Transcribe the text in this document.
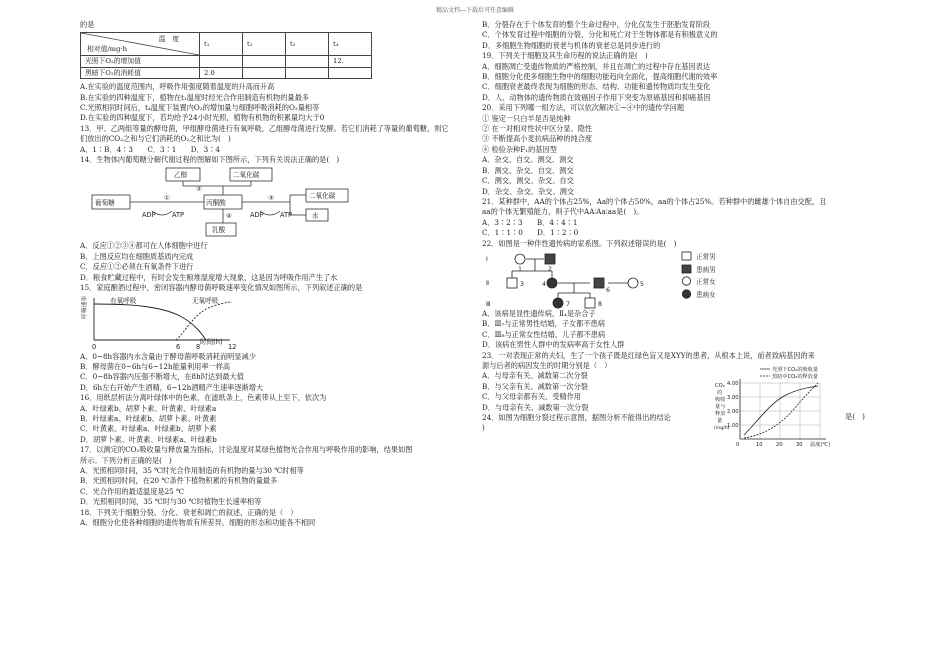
精品文档---下载后可任意编辑
的是
温　度
相对值/mg·h	t₁	t₂	t₃	t₄
光照下O₂的增加值				12.
黑暗下O₂的消耗值	2.0			
A.在实验的温度范围内，呼吸作用强度随着温度的升高而升高
B.在实验的四种温度下，植物在t₁温度时经光合作用制造有机物的量最多
C.光照相同时间后，t₄温度下装置内O₂的增加量与细胞呼吸消耗的O₂量相等
D.在实验的四种温度下，若均给予24小时光照，植物有机物的积累量均大于0
13．甲、乙两组等量的酵母菌，甲组酵母菌进行有氧呼吸，乙组酵母菌进行发酵。若它们消耗了等量的葡萄糖，则它们放出的CO₂之和与它们消耗的O₂之和比为(　)
A．1∶B．4∶3　　C．3∶1　　D．3∶4
14．生物体内葡萄糖分解代谢过程的图解如下图所示，下列有关说法正确的是(　)
葡萄糖	丙酮酸
乙醇	二氧化碳
二氧化碳
水
乳酸
ADP ATP	ADP ATP
①
②
③
④
A．反应①②③④都可在人体细胞中进行
B．上图反应均在细胞质基质内完成
C．反应①②必须在有氧条件下进行
D．粮食贮藏过程中，有时会发生粮堆湿度增大现象，这是因为呼吸作用产生了水
15．家庭酿酒过程中，密闭容器内酵母菌呼吸速率变化情况如图所示，下列叙述正确的是
有氧呼吸	无氧呼吸
呼吸速率
0	6 8	12
时间(h)
A．0~8h容器内水含量由于酵母菌呼吸消耗而明显减少
B．酵母菌在0~6h与6~12h能量利用率一样高
C．0~8h容器内压强不断增大，在8h时达到最大值
D．6h左右开始产生酒精，6~12h酒精产生速率逐渐增大
16．用纸层析法分离叶绿体中的色素，在滤纸条上，色素带从上至下，依次为
A．叶绿素b、胡萝卜素、叶黄素、叶绿素a
B．叶绿素a、叶绿素b、胡萝卜素、叶黄素
C．叶黄素、叶绿素a、叶绿素b、胡萝卜素
D．胡萝卜素、叶黄素、叶绿素a、叶绿素b
17．以测定的CO₂吸收量与释放量为指标，讨论温度对某绿色植物光合作用与呼吸作用的影响，结果如图
所示。下列分析正确的是(　)
A．光照相同时间，35 ℃时光合作用制造的有机物的量与30 ℃时相等
B．光照相同时间，在20 ℃条件下植物积累的有机物的量最多
C．光合作用的最适温度是25 ℃
D．光照相同时间，35 ℃时与30 ℃时植物生长速率相等
18．下列关于细胞分裂、分化、衰老和凋亡的叙述，正确的是（　）
A．细胞分化使各种细胞的遗传物质有所差异，细胞的形态和功能各不相同
B．分裂存在于个体发育的整个生命过程中，分化仅发生于胚胎发育阶段
C．个体发育过程中细胞的分裂、分化和死亡对于生物体都是有积极意义的
D．多细胞生物细胞的衰老与机体的衰老总是同步进行的
19．下列关于细胞及其生命历程的说法正确的是(　)
A．细胞凋亡受遗传物质的严格控制，并且在凋亡的过程中存在基因表达
B．细胞分化使多细胞生物中的细胞功能趋向全面化，提高细胞代谢的效率
C．细胞衰老最终表现为细胞的形态、结构、功能和遗传物质均发生变化
D．人、动物体的遗传物质在致癌因子作用下突变为原癌基因和抑癌基因
20．采用下列哪一组方法，可以依次解决①~④中的遗传学问题
① 鉴定一只白羊是否是纯种
② 在一对相对性状中区分显、隐性
③ 不断提高小麦抗病品种的纯合度
④ 检验杂种F₁的基因型
A．杂交、自交、测交、测交
B．测交、杂交、自交、测交
C．测交、测交、杂交、自交
D．杂交、杂交、杂交、测交
21．某种群中，AA的个体占25%，Aa的个体占50%，aa的个体占25%。若种群中的雌雄个体自由交配，且
aa的个体无繁殖能力，则子代中AA∶Aa∶aa是(　)。
A．3∶2∶3　　B．4∶4∶1
C．1∶1∶0　　D．1∶2∶0
22．如图是一种伴性遗传病的家系图。下列叙述错误的是(　)
Ⅰ
Ⅱ
Ⅲ
1	2
3	4	5
6
7	8
正常男
患病男
正常女
患病女
A．该病是显性遗传病，Ⅱ₄是杂合子
B．Ⅲ₇与正常男性结婚，子女都不患病
C．Ⅲ₈与正常女性结婚，儿子都不患病
D．该病在男性人群中的发病率高于女性人群
23．一对表现正常的夫妇，生了一个孩子既是红绿色盲又是XYY的患者，从根本上说，前者致病基因的来
源与后者的病因发生的时期分别是（　）
A．与母亲有关、减数第二次分裂
B．与父亲有关、减数第一次分裂
C．与父母亲都有关、受精作用
D．与母亲有关、减数第一次分裂
24．如图为细胞分裂过程示意图，据图分析不能得出的结论
)
是(　)
光照下CO₂的吸收量
黑暗中CO₂的释放量
CO₂
的
吸收
量与
释放
量
(mg/h)
4.00
3.00
2.00
1.00
0	10	20	30 温度(℃)
